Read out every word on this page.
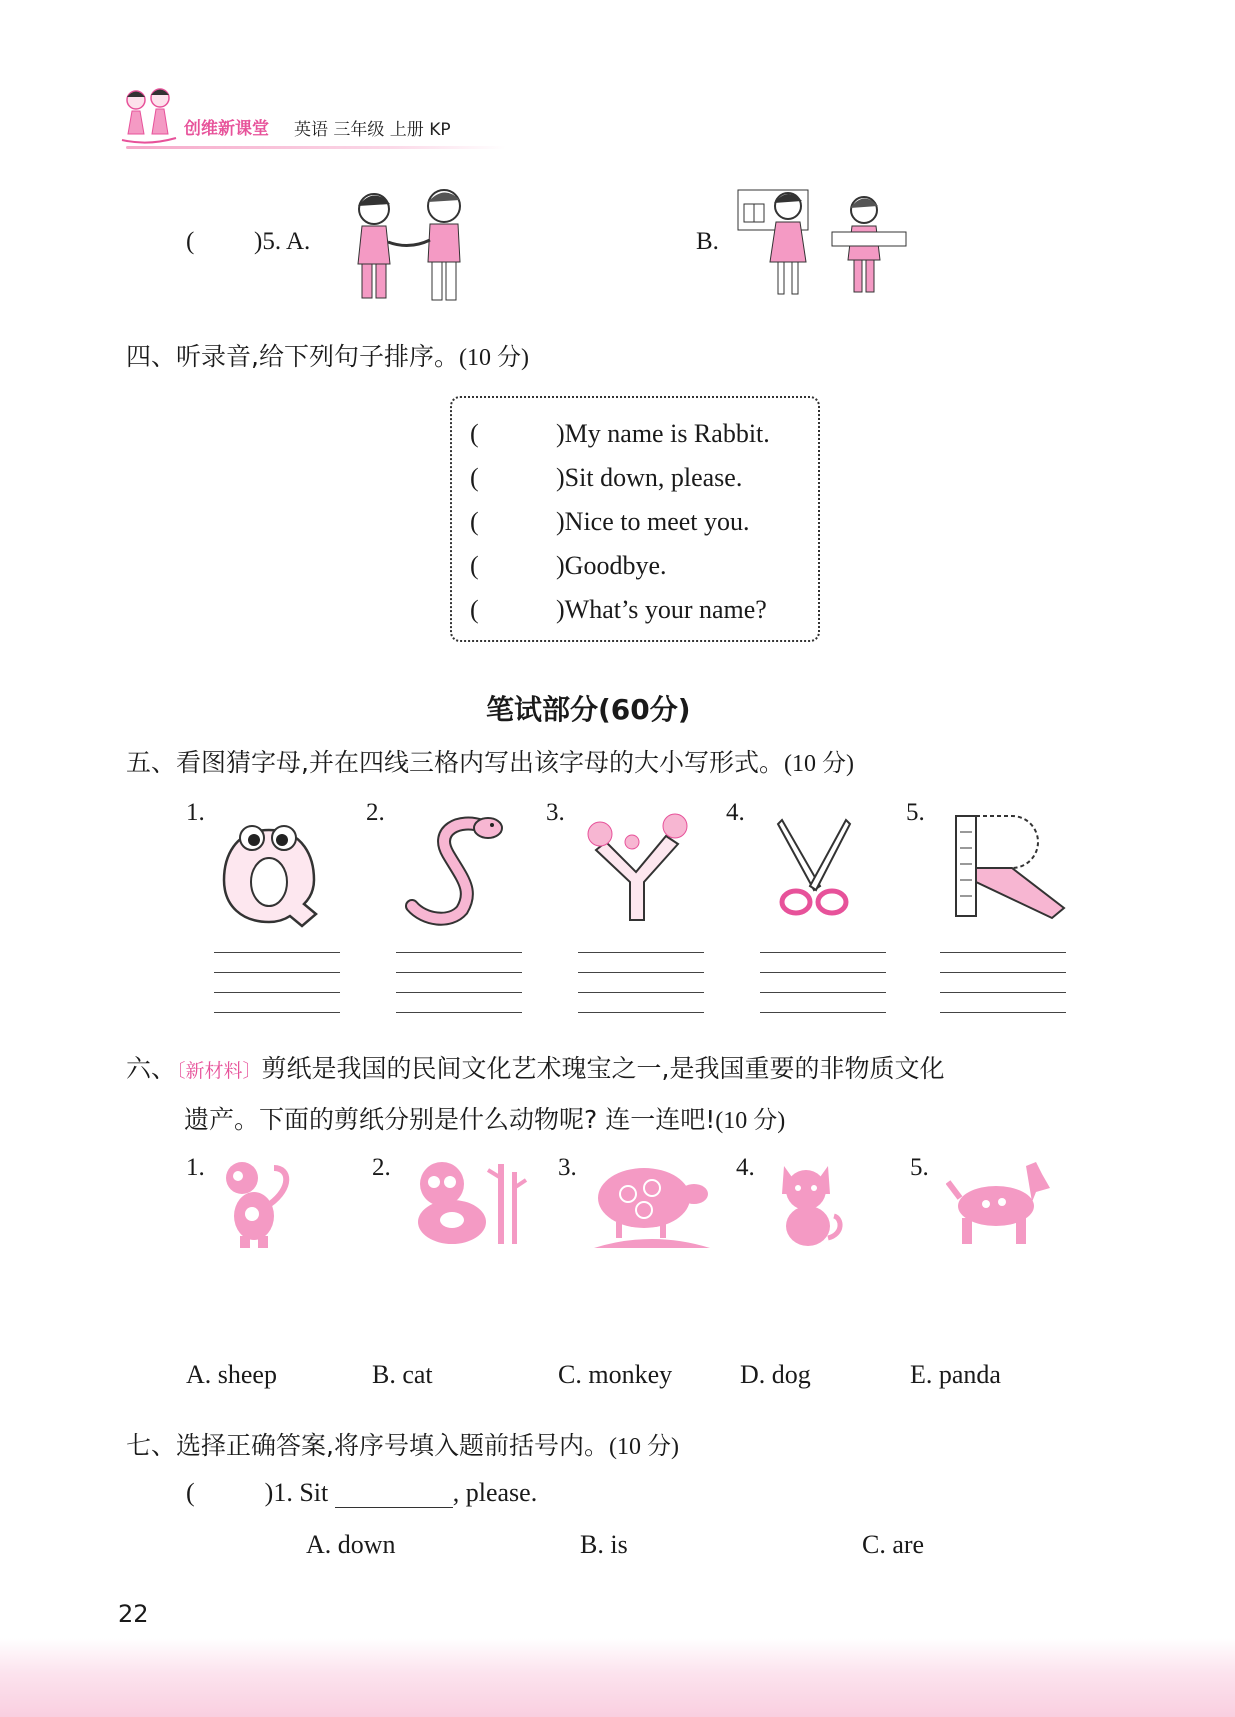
创维新课堂 英语 三年级 上册 KP
( )5. A.	B.
四、听录音,给下列句子排序。(10 分)
(	) My name is Rabbit.
(	) Sit down, please.
(	) Nice to meet you.
(	) Goodbye.
(	) What’s your name?
笔试部分(60分)
五、看图猜字母,并在四线三格内写出该字母的大小写形式。(10 分)
1.	2.	3.	4.	5.
六、〔新材料〕剪纸是我国的民间文化艺术瑰宝之一,是我国重要的非物质文化
遗产。下面的剪纸分别是什么动物呢? 连一连吧!(10 分)
1.	2.	3.	4.	5.
A. sheep	B. cat	C. monkey	D. dog	E. panda
七、选择正确答案,将序号填入题前括号内。(10 分)
(	)1. Sit	, please.
A. down	B. is	C. are
22
